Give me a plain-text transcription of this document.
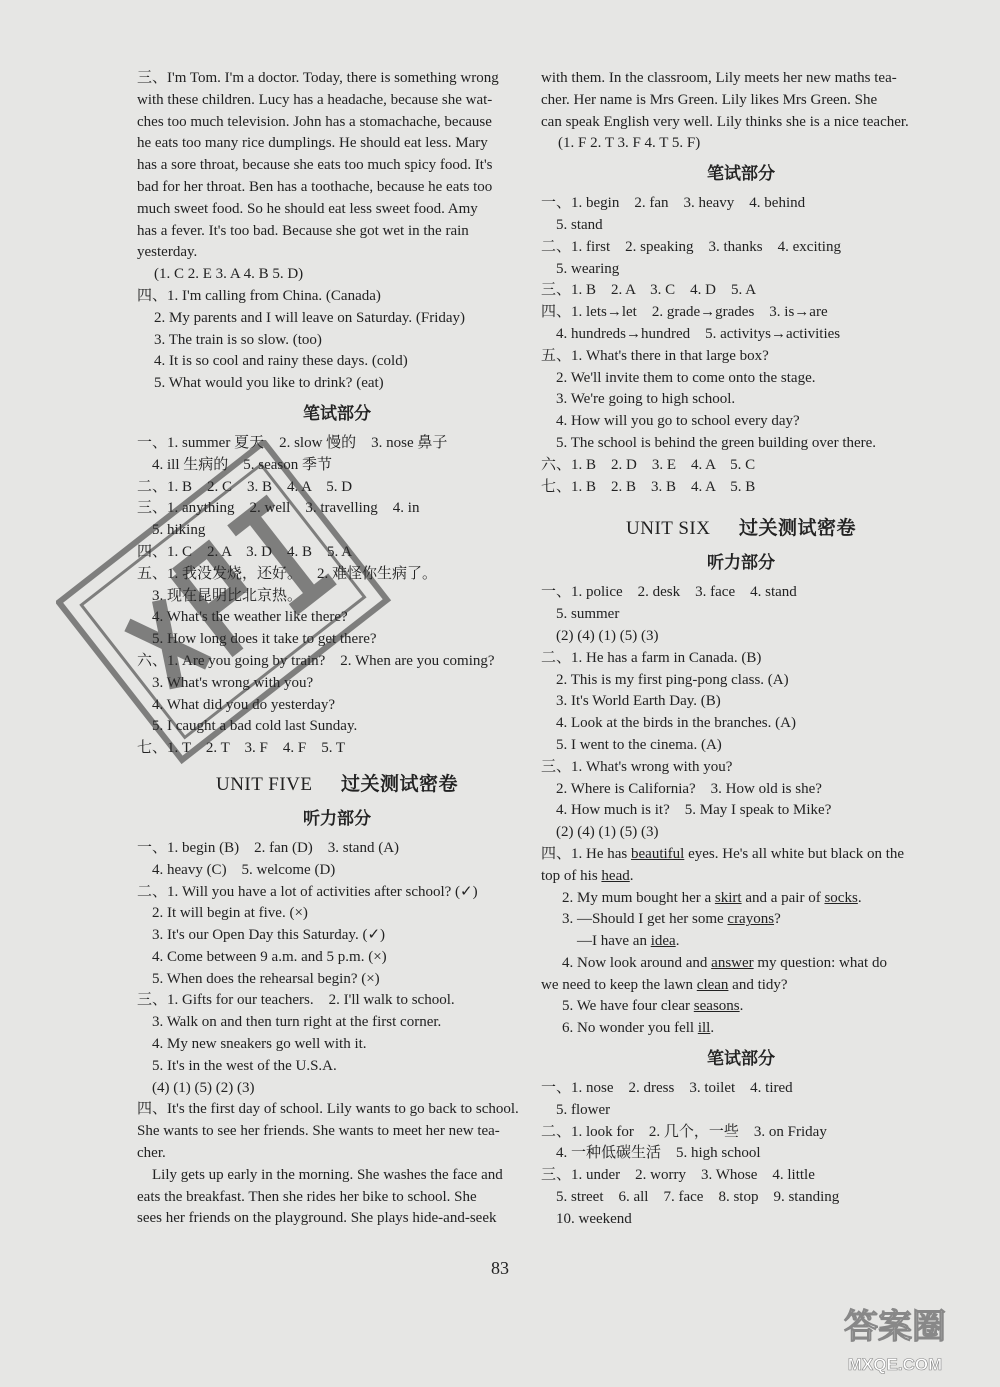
三、I'm Tom. I'm a doctor. Today, there is something wrong
with these children. Lucy has a headache, because she wat-
ches too much television. John has a stomachache, because
he eats too many rice dumplings. He should eat less. Mary
has a sore throat, because she eats too much spicy food. It's
bad for her throat. Ben has a toothache, because he eats too
much sweet food. So he should eat less sweet food. Amy
has a fever. It's too bad. Because she got wet in the rain
yesterday.
(1. C 2. E 3. A 4. B 5. D)
四、1. I'm calling from China. (Canada)
2. My parents and I will leave on Saturday. (Friday)
3. The train is so slow. (too)
4. It is so cool and rainy these days. (cold)
5. What would you like to drink? (eat)
笔试部分
一、1. summer 夏天    2. slow 慢的    3. nose 鼻子
4. ill 生病的    5. season 季节
二、1. B    2. C    3. B    4. A    5. D
三、1. anything    2. well    3. travelling    4. in
5. hiking
四、1. C    2. A    3. D    4. B    5. A
五、1. 我没发烧，还好。    2. 难怪你生病了。
3. 现在昆明比北京热。
4. What's the weather like there?
5. How long does it take to get there?
六、1. Are you going by train?    2. When are you coming?
3. What's wrong with you?
4. What did you do yesterday?
5. I caught a bad cold last Sunday.
七、1. T    2. T    3. F    4. F    5. T
UNIT FIVE 过关测试密卷
听力部分
一、1. begin (B)    2. fan (D)    3. stand (A)
4. heavy (C)    5. welcome (D)
二、1. Will you have a lot of activities after school? (✓)
2. It will begin at five. (×)
3. It's our Open Day this Saturday. (✓)
4. Come between 9 a.m. and 5 p.m. (×)
5. When does the rehearsal begin? (×)
三、1. Gifts for our teachers.    2. I'll walk to school.
3. Walk on and then turn right at the first corner.
4. My new sneakers go well with it.
5. It's in the west of the U.S.A.
(4) (1) (5) (2) (3)
四、It's the first day of school. Lily wants to go back to school.
She wants to see her friends. She wants to meet her new tea-
cher.
Lily gets up early in the morning. She washes the face and
eats the breakfast. Then she rides her bike to school. She
sees her friends on the playground. She plays hide-and-seek
with them. In the classroom, Lily meets her new maths tea-
cher. Her name is Mrs Green. Lily likes Mrs Green. She
can speak English very well. Lily thinks she is a nice teacher.
(1. F 2. T 3. F 4. T 5. F)
笔试部分
一、1. begin    2. fan    3. heavy    4. behind
5. stand
二、1. first    2. speaking    3. thanks    4. exciting
5. wearing
三、1. B    2. A    3. C    4. D    5. A
四、1. lets→let    2. grade→grades    3. is→are
4. hundreds→hundred    5. activitys→activities
五、1. What's there in that large box?
2. We'll invite them to come onto the stage.
3. We're going to high school.
4. How will you go to school every day?
5. The school is behind the green building over there.
六、1. B    2. D    3. E    4. A    5. C
七、1. B    2. B    3. B    4. A    5. B
UNIT SIX 过关测试密卷
听力部分
一、1. police    2. desk    3. face    4. stand
5. summer
(2) (4) (1) (5) (3)
二、1. He has a farm in Canada. (B)
2. This is my first ping-pong class. (A)
3. It's World Earth Day. (B)
4. Look at the birds in the branches. (A)
5. I went to the cinema. (A)
三、1. What's wrong with you?
2. Where is California?    3. How old is she?
4. How much is it?    5. May I speak to Mike?
(2) (4) (1) (5) (3)
四、1. He has beautiful eyes. He's all white but black on the
top of his head.
2. My mum bought her a skirt and a pair of socks.
3. —Should I get her some crayons?
—I have an idea.
4. Now look around and answer my question: what do
we need to keep the lawn clean and tidy?
5. We have four clear seasons.
6. No wonder you fell ill.
笔试部分
一、1. nose    2. dress    3. toilet    4. tired
5. flower
二、1. look for    2. 几个，一些    3. on Friday
4. 一种低碳生活    5. high school
三、1. under    2. worry    3. Whose    4. little
5. street    6. all    7. face    8. stop    9. standing
10. weekend
83
答案圈
MXQE.COM
